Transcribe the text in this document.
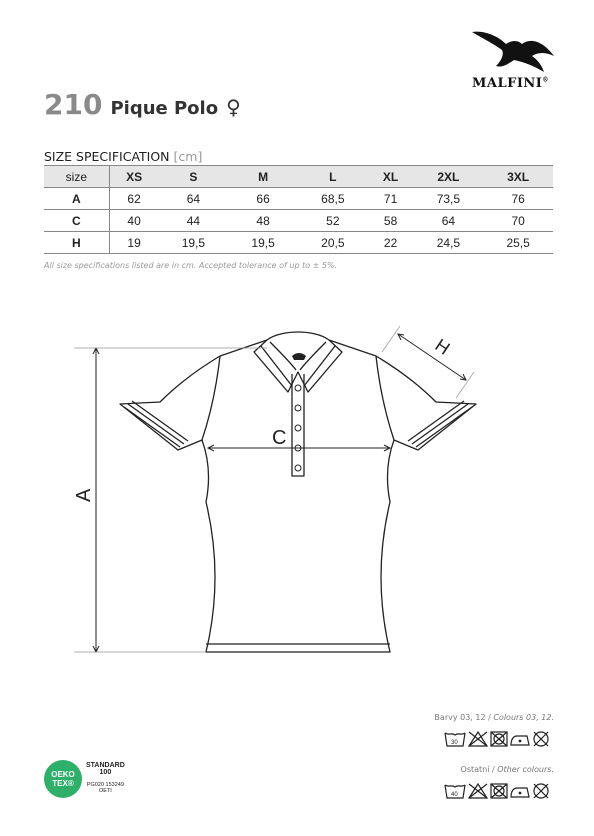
MALFINI®
210 Pique Polo ♀
SIZE SPECIFICATION [cm]
size	XS	S	M	L	XL	2XL	3XL
A	62	64	66	68,5	71	73,5	76
C	40	44	48	52	58	64	70
H	19	19,5	19,5	20,5	22	24,5	25,5
All size specifications listed are in cm. Accepted tolerance of up to ± 5%.
A
C
H
Barvy 03, 12 / Colours 03, 12.
30
Ostatní / Other colours.
40
OEKO
TEX®
STANDARD
100
PG020 153249
OETI
